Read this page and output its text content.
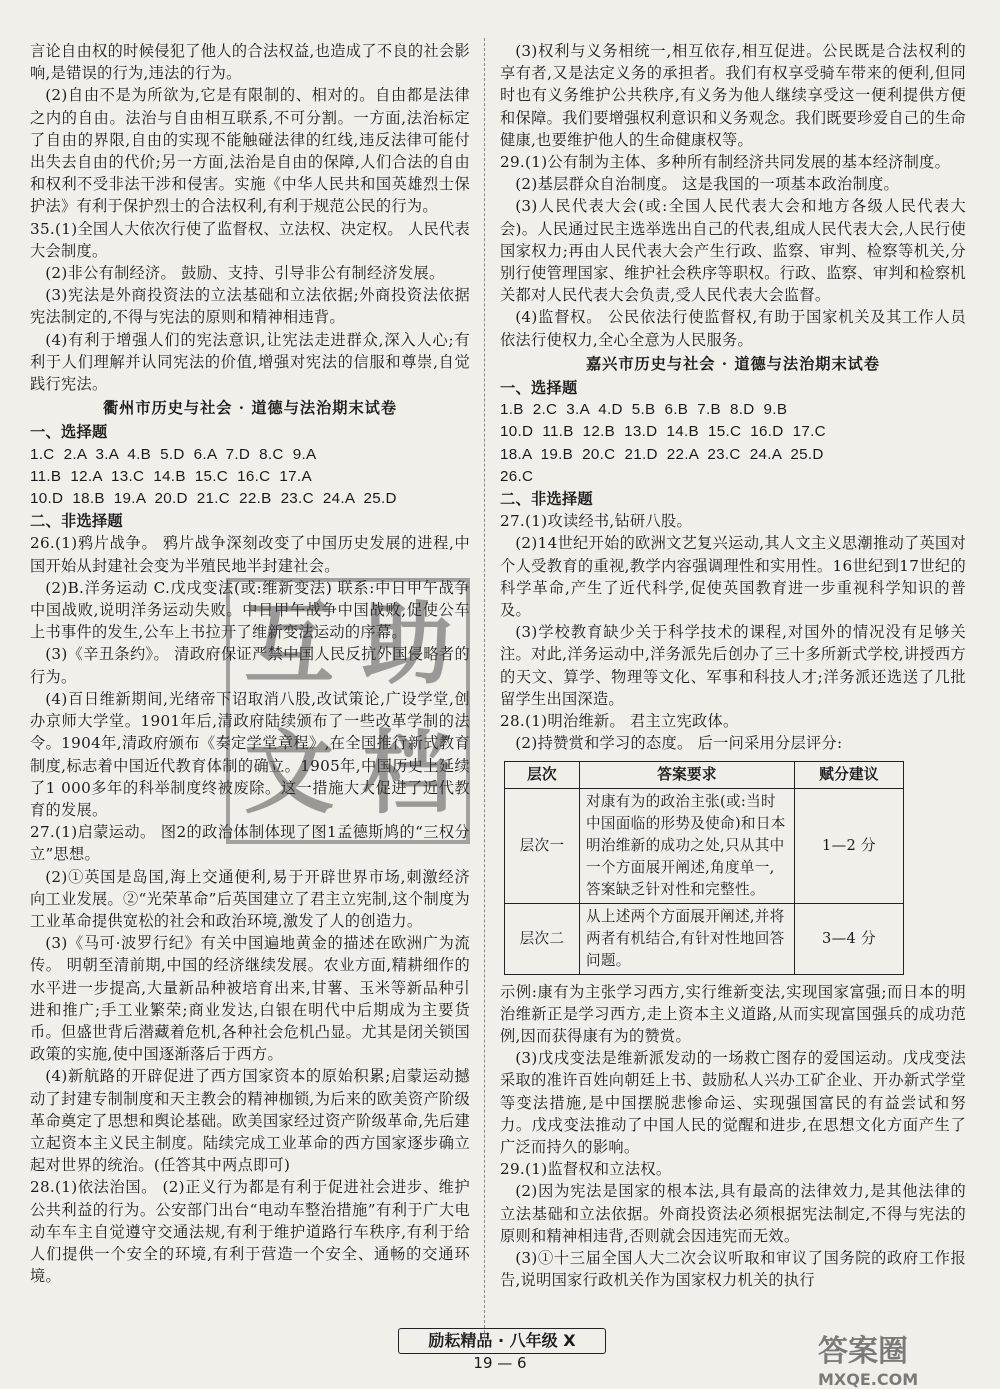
言论自由权的时候侵犯了他人的合法权益,也造成了不良的社会影响,是错误的行为,违法的行为。

(2)自由不是为所欲为,它是有限制的、相对的。自由都是法律之内的自由。法治与自由相互联系,不可分割。一方面,法治标定了自由的界限,自由的实现不能触碰法律的红线,违反法律可能付出失去自由的代价;另一方面,法治是自由的保障,人们合法的自由和权利不受非法干涉和侵害。实施《中华人民共和国英雄烈士保护法》有利于保护烈士的合法权利,有利于规范公民的行为。

35.(1)全国人大依次行使了监督权、立法权、决定权。 人民代表大会制度。

(2)非公有制经济。 鼓励、支持、引导非公有制经济发展。

(3)宪法是外商投资法的立法基础和立法依据;外商投资法依据宪法制定的,不得与宪法的原则和精神相违背。

(4)有利于增强人们的宪法意识,让宪法走进群众,深入人心;有利于人们理解并认同宪法的价值,增强对宪法的信服和尊崇,自觉践行宪法。

衢州市历史与社会 · 道德与法治期末试卷

一、选择题

1.C  2.A  3.A  4.B  5.D  6.A  7.D  8.C  9.A

11.B  12.A  13.C  14.B  15.C  16.C  17.A

10.D  18.B  19.A  20.D  21.C  22.B  23.C  24.A  25.D

二、非选择题

26.(1)鸦片战争。 鸦片战争深刻改变了中国历史发展的进程,中国开始从封建社会变为半殖民地半封建社会。

(2)B.洋务运动 C.戊戌变法(或:维新变法) 联系:中日甲午战争中国战败,说明洋务运动失败。中日甲午战争中国战败,促使公车上书事件的发生,公车上书拉开了维新变法运动的序幕。

(3)《辛丑条约》。 清政府保证严禁中国人民反抗外国侵略者的行为。

(4)百日维新期间,光绪帝下诏取消八股,改试策论,广设学堂,创办京师大学堂。1901年后,清政府陆续颁布了一些改革学制的法令。1904年,清政府颁布《奏定学堂章程》,在全国推行新式教育制度,标志着中国近代教育体制的确立。1905年,中国历史上延续了1 000多年的科举制度终被废除。这一措施大大促进了近代教育的发展。

27.(1)启蒙运动。 图2的政治体制体现了图1孟德斯鸠的“三权分立”思想。

(2)①英国是岛国,海上交通便利,易于开辟世界市场,刺激经济向工业发展。②“光荣革命”后英国建立了君主立宪制,这个制度为工业革命提供宽松的社会和政治环境,激发了人的创造力。

(3)《马可·波罗行纪》有关中国遍地黄金的描述在欧洲广为流传。 明朝至清前期,中国的经济继续发展。农业方面,精耕细作的水平进一步提高,大量新品种被培育出来,甘薯、玉米等新品种引进和推广;手工业繁荣;商业发达,白银在明代中后期成为主要货币。但盛世背后潜藏着危机,各种社会危机凸显。尤其是闭关锁国政策的实施,使中国逐渐落后于西方。

(4)新航路的开辟促进了西方国家资本的原始积累;启蒙运动撼动了封建专制制度和天主教会的精神枷锁,为后来的欧美资产阶级革命奠定了思想和舆论基础。欧美国家经过资产阶级革命,先后建立起资本主义民主制度。陆续完成工业革命的西方国家逐步确立起对世界的统治。(任答其中两点即可)

28.(1)依法治国。 (2)正义行为都是有利于促进社会进步、维护公共利益的行为。公安部门出台“电动车整治措施”有利于广大电动车车主自觉遵守交通法规,有利于维护道路行车秩序,有利于给人们提供一个安全的环境,有利于营造一个安全、通畅的交通环境。

(3)权利与义务相统一,相互依存,相互促进。公民既是合法权利的享有者,又是法定义务的承担者。我们有权享受骑车带来的便利,但同时也有义务维护公共秩序,有义务为他人继续享受这一便利提供方便和保障。我们要增强权利意识和义务观念。我们既要珍爱自己的生命健康,也要维护他人的生命健康权等。

29.(1)公有制为主体、多种所有制经济共同发展的基本经济制度。

(2)基层群众自治制度。 这是我国的一项基本政治制度。

(3)人民代表大会(或:全国人民代表大会和地方各级人民代表大会)。人民通过民主选举选出自己的代表,组成人民代表大会,人民行使国家权力;再由人民代表大会产生行政、监察、审判、检察等机关,分别行使管理国家、维护社会秩序等职权。行政、监察、审判和检察机关都对人民代表大会负责,受人民代表大会监督。

(4)监督权。 公民依法行使监督权,有助于国家机关及其工作人员依法行使权力,全心全意为人民服务。

嘉兴市历史与社会 · 道德与法治期末试卷

一、选择题

1.B  2.C  3.A  4.D  5.B  6.B  7.B  8.D  9.B

10.D  11.B  12.B  13.D  14.B  15.C  16.D  17.C

18.A  19.B  20.C  21.D  22.A  23.C  24.A  25.D

26.C

二、非选择题

27.(1)攻读经书,钻研八股。

(2)14世纪开始的欧洲文艺复兴运动,其人文主义思潮推动了英国对个人受教育的重视,教学内容强调理性和实用性。16世纪到17世纪的科学革命,产生了近代科学,促使英国教育进一步重视科学知识的普及。

(3)学校教育缺少关于科学技术的课程,对国外的情况没有足够关注。对此,洋务运动中,洋务派先后创办了三十多所新式学校,讲授西方的天文、算学、物理等文化、军事和科技人才;洋务派还选送了几批留学生出国深造。

28.(1)明治维新。 君主立宪政体。

(2)持赞赏和学习的态度。 后一问采用分层评分:

层次	答案要求	赋分建议
层次一	对康有为的政治主张(或:当时中国面临的形势及使命)和日本明治维新的成功之处,只从其中一个方面展开阐述,角度单一,答案缺乏针对性和完整性。	1—2 分
层次二	从上述两个方面展开阐述,并将两者有机结合,有针对性地回答问题。	3—4 分

示例:康有为主张学习西方,实行维新变法,实现国家富强;而日本的明治维新正是学习西方,走上资本主义道路,从而实现富国强兵的成功范例,因而获得康有为的赞赏。

(3)戊戌变法是维新派发动的一场救亡图存的爱国运动。戊戌变法采取的准许百姓向朝廷上书、鼓励私人兴办工矿企业、开办新式学堂等变法措施,是中国摆脱悲惨命运、实现强国富民的有益尝试和努力。戊戌变法推动了中国人民的觉醒和进步,在思想文化方面产生了广泛而持久的影响。

29.(1)监督权和立法权。

(2)因为宪法是国家的根本法,具有最高的法律效力,是其他法律的立法基础和立法依据。外商投资法必须根据宪法制定,不得与宪法的原则和精神相违背,否则就会因违宪而无效。

(3)①十三届全国人大二次会议听取和审议了国务院的政府工作报告,说明国家行政机关作为国家权力机关的执行

互 助
文 档
励耘精品 · 八年级 X
19 — 6	答案圈
MXQE.COM
